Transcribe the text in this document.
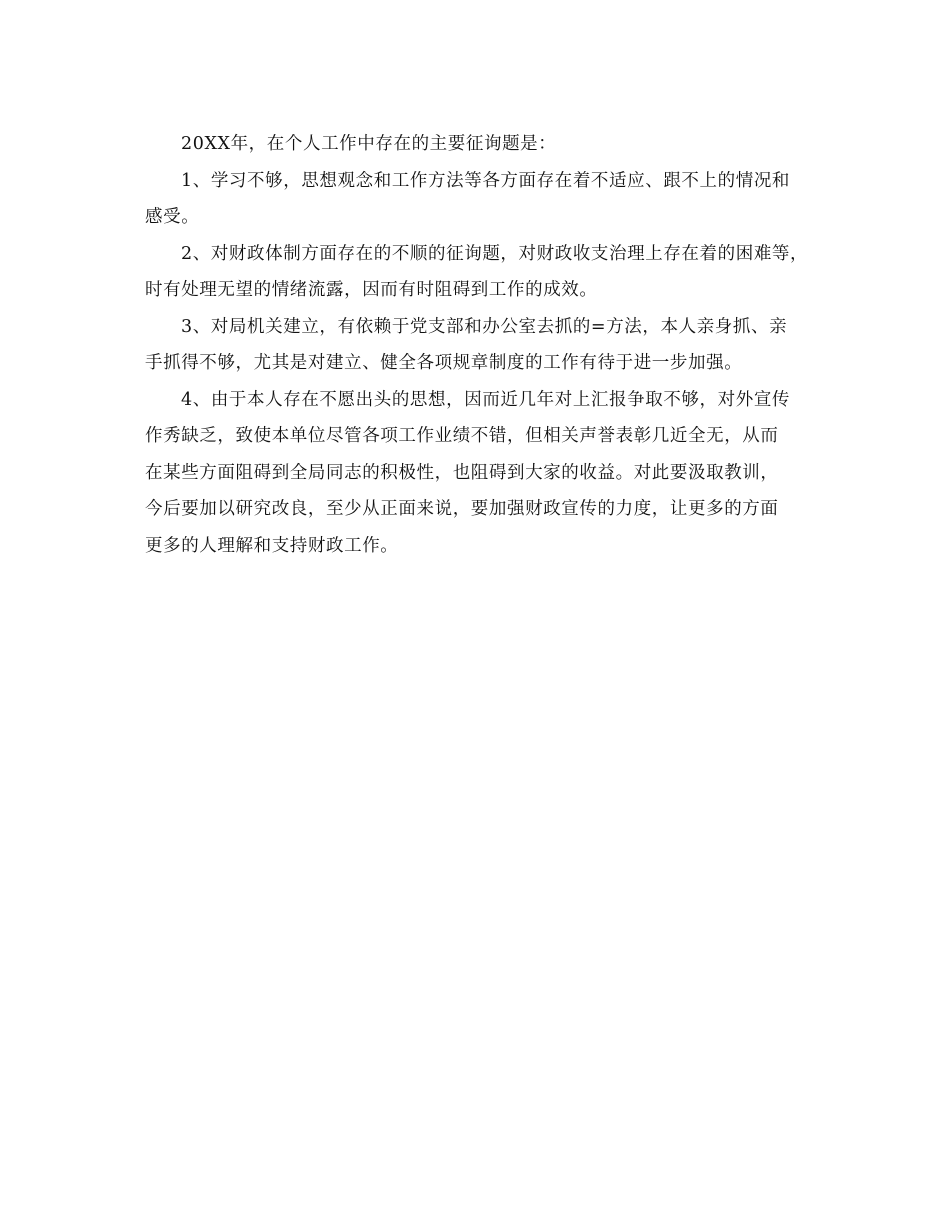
20XX年，在个人工作中存在的主要征询题是：
1、学习不够，思想观念和工作方法等各方面存在着不适应、跟不上的情况和
感受。
2、对财政体制方面存在的不顺的征询题，对财政收支治理上存在着的困难等，
时有处理无望的情绪流露，因而有时阻碍到工作的成效。
3、对局机关建立，有依赖于党支部和办公室去抓的=方法，本人亲身抓、亲
手抓得不够，尤其是对建立、健全各项规章制度的工作有待于进一步加强。
4、由于本人存在不愿出头的思想，因而近几年对上汇报争取不够，对外宣传
作秀缺乏，致使本单位尽管各项工作业绩不错，但相关声誉表彰几近全无，从而
在某些方面阻碍到全局同志的积极性，也阻碍到大家的收益。对此要汲取教训，
今后要加以研究改良，至少从正面来说，要加强财政宣传的力度，让更多的方面
更多的人理解和支持财政工作。
